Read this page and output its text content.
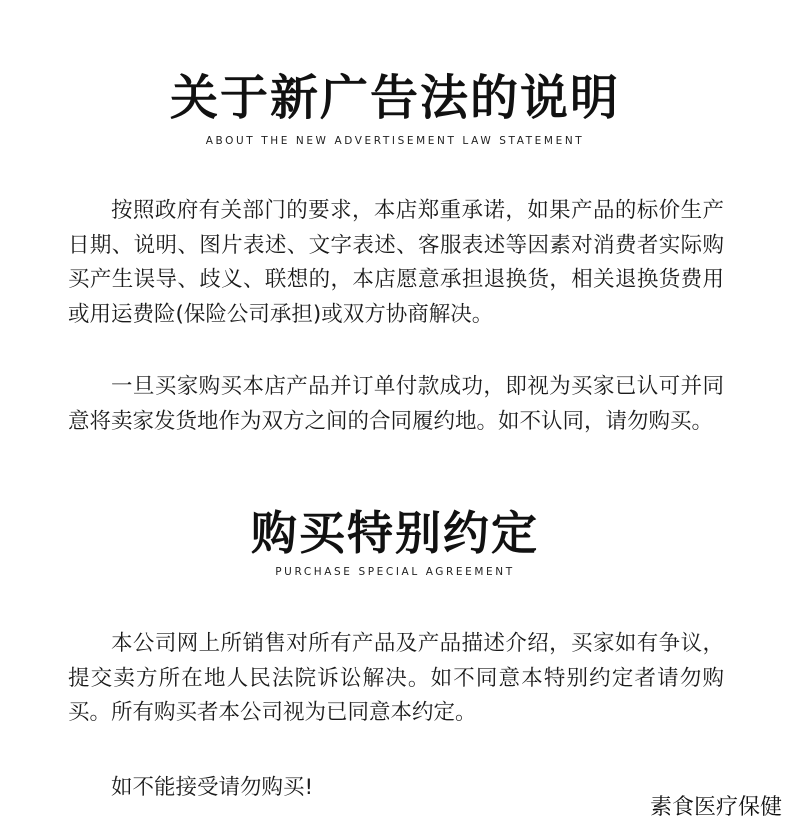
关于新广告法的说明

ABOUT THE NEW ADVERTISEMENT LAW STATEMENT

按照政府有关部门的要求，本店郑重承诺，如果产品的标价生产日期、说明、图片表述、文字表述、客服表述等因素对消费者实际购买产生误导、歧义、联想的，本店愿意承担退换货，相关退换货费用或用运费险(保险公司承担)或双方协商解决。

一旦买家购买本店产品并订单付款成功，即视为买家已认可并同意将卖家发货地作为双方之间的合同履约地。如不认同，请勿购买。

购买特别约定

PURCHASE SPECIAL AGREEMENT

本公司网上所销售对所有产品及产品描述介绍，买家如有争议，提交卖方所在地人民法院诉讼解决。如不同意本特别约定者请勿购买。所有购买者本公司视为已同意本约定。

如不能接受请勿购买!

素食医疗保健
